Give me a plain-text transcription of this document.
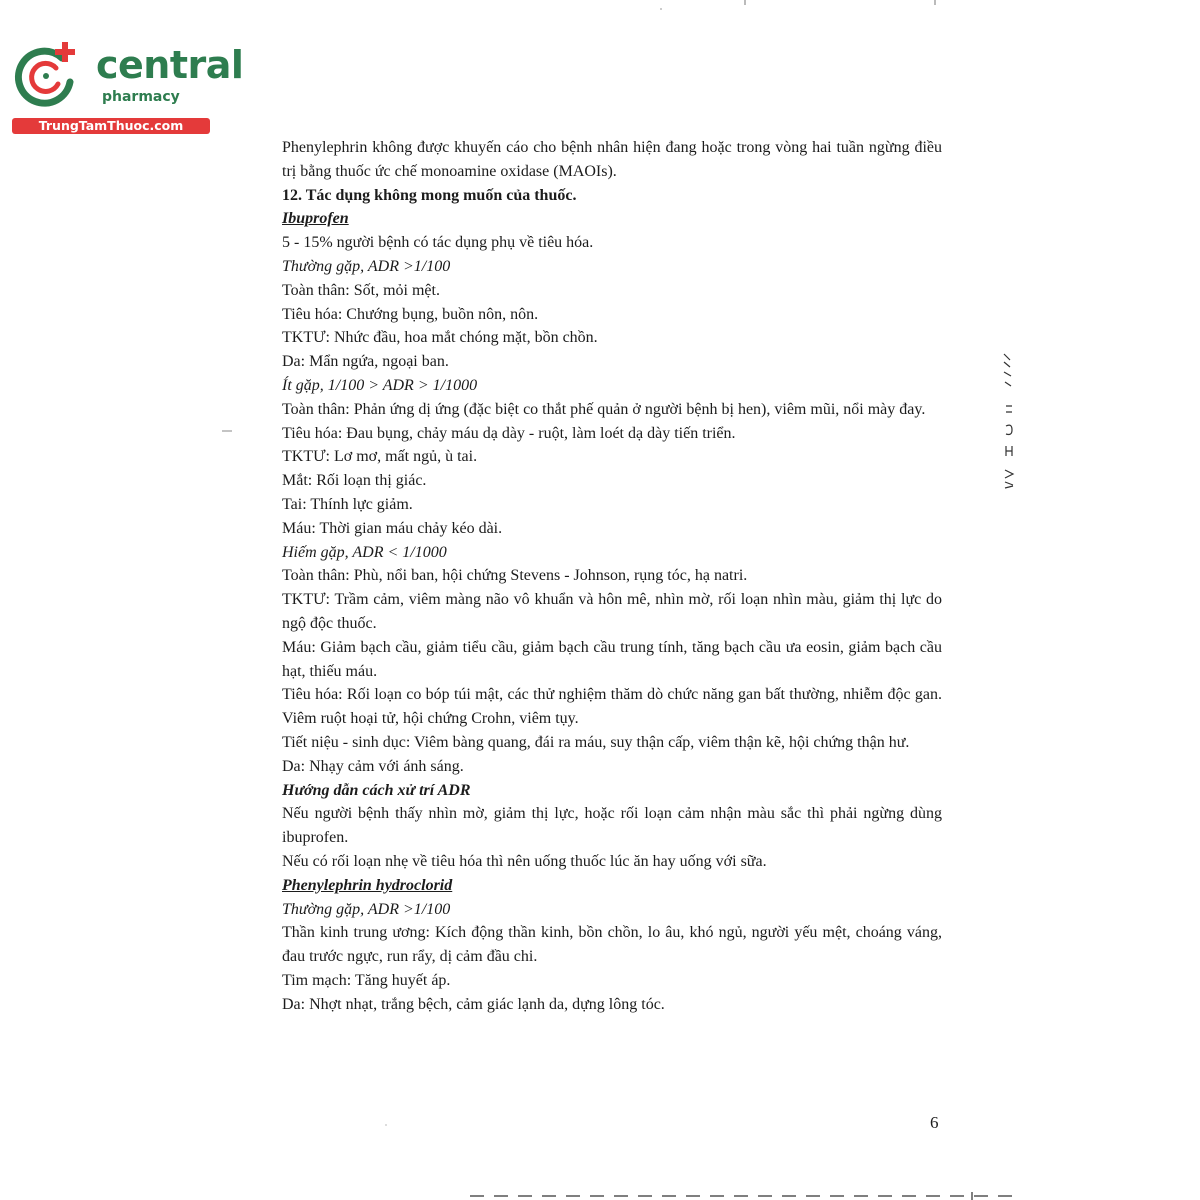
central
pharmacy
TrungTamThuoc.com

Phenylephrin không được khuyến cáo cho bệnh nhân hiện đang hoặc trong vòng hai tuần ngừng điều trị bằng thuốc ức chế monoamine oxidase (MAOIs).

12. Tác dụng không mong muốn của thuốc.

Ibuprofen

5 - 15% người bệnh có tác dụng phụ về tiêu hóa.

Thường gặp, ADR >1/100

Toàn thân: Sốt, mỏi mệt.

Tiêu hóa: Chướng bụng, buồn nôn, nôn.

TKTƯ: Nhức đầu, hoa mắt chóng mặt, bồn chồn.

Da: Mẩn ngứa, ngoại ban.

Ít gặp, 1/100 > ADR > 1/1000

Toàn thân: Phản ứng dị ứng (đặc biệt co thắt phế quản ở người bệnh bị hen), viêm mũi, nổi mày đay.

Tiêu hóa: Đau bụng, chảy máu dạ dày - ruột, làm loét dạ dày tiến triển.

TKTƯ: Lơ mơ, mất ngủ, ù tai.

Mắt: Rối loạn thị giác.

Tai: Thính lực giảm.

Máu: Thời gian máu chảy kéo dài.

Hiếm gặp, ADR < 1/1000

Toàn thân: Phù, nổi ban, hội chứng Stevens - Johnson, rụng tóc, hạ natri.

TKTƯ: Trầm cảm, viêm màng não vô khuẩn và hôn mê, nhìn mờ, rối loạn nhìn màu, giảm thị lực do ngộ độc thuốc.

Máu: Giảm bạch cầu, giảm tiểu cầu, giảm bạch cầu trung tính, tăng bạch cầu ưa eosin, giảm bạch cầu hạt, thiếu máu.

Tiêu hóa: Rối loạn co bóp túi mật, các thử nghiệm thăm dò chức năng gan bất thường, nhiễm độc gan. Viêm ruột hoại tử, hội chứng Crohn, viêm tụy.

Tiết niệu - sinh dục: Viêm bàng quang, đái ra máu, suy thận cấp, viêm thận kẽ, hội chứng thận hư.

Da: Nhạy cảm với ánh sáng.

Hướng dẫn cách xử trí ADR

Nếu người bệnh thấy nhìn mờ, giảm thị lực, hoặc rối loạn cảm nhận màu sắc thì phải ngừng dùng ibuprofen.

Nếu có rối loạn nhẹ về tiêu hóa thì nên uống thuốc lúc ăn hay uống với sữa.

Phenylephrin hydroclorid

Thường gặp, ADR >1/100

Thần kinh trung ương: Kích động thần kinh, bồn chồn, lo âu, khó ngủ, người yếu mệt, choáng váng, đau trước ngực, run rẩy, dị cảm đầu chi.

Tim mạch: Tăng huyết áp.

Da: Nhợt nhạt, trắng bệch, cảm giác lạnh da, dựng lông tóc.

6
